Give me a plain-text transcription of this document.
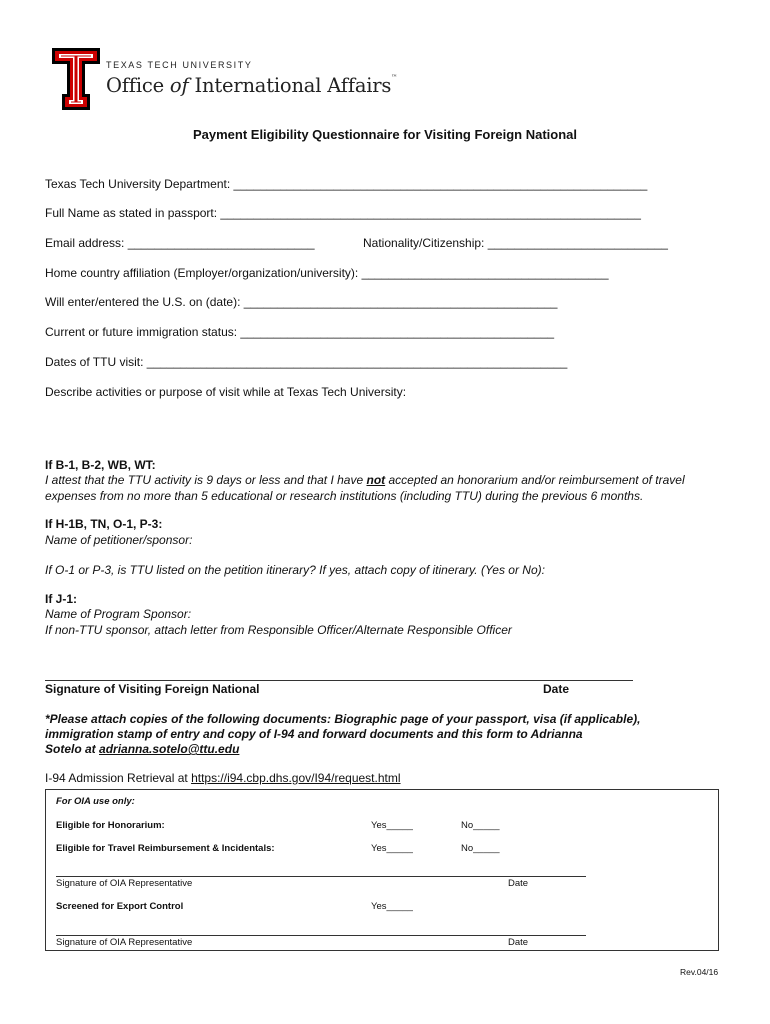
TEXAS TECH UNIVERSITY
Office of International Affairs™
Payment Eligibility Questionnaire for Visiting Foreign National
Texas Tech University Department: ______________________________________________________________
Full Name as stated in passport: _______________________________________________________________
Email address: ____________________________	Nationality/Citizenship: ___________________________
Home country affiliation (Employer/organization/university): _____________________________________
Will enter/entered the U.S. on (date): _______________________________________________
Current or future immigration status: _______________________________________________
Dates of TTU visit: _______________________________________________________________
Describe activities or purpose of visit while at Texas Tech University:
If B-1, B-2, WB, WT:
I attest that the TTU activity is 9 days or less and that I have not accepted an honorarium and/or reimbursement of travel
expenses from no more than 5 educational or research institutions (including TTU) during the previous 6 months.
If H-1B, TN, O-1, P-3:
Name of petitioner/sponsor:
If O-1 or P-3, is TTU listed on the petition itinerary? If yes, attach copy of itinerary. (Yes or No):
If J-1:
Name of Program Sponsor:
If non-TTU sponsor, attach letter from Responsible Officer/Alternate Responsible Officer
Signature of Visiting Foreign National	Date
*Please attach copies of the following documents: Biographic page of your passport, visa (if applicable),
immigration stamp of entry and copy of I-94 and forward documents and this form to Adrianna
Sotelo at adrianna.sotelo@ttu.edu
I-94 Admission Retrieval at https://i94.cbp.dhs.gov/I94/request.html
For OIA use only:
Eligible for Honorarium:	Yes_____	No_____
Eligible for Travel Reimbursement & Incidentals:	Yes_____	No_____
Signature of OIA Representative	Date
Screened for Export Control	Yes_____
Signature of OIA Representative	Date
Rev.04/16
